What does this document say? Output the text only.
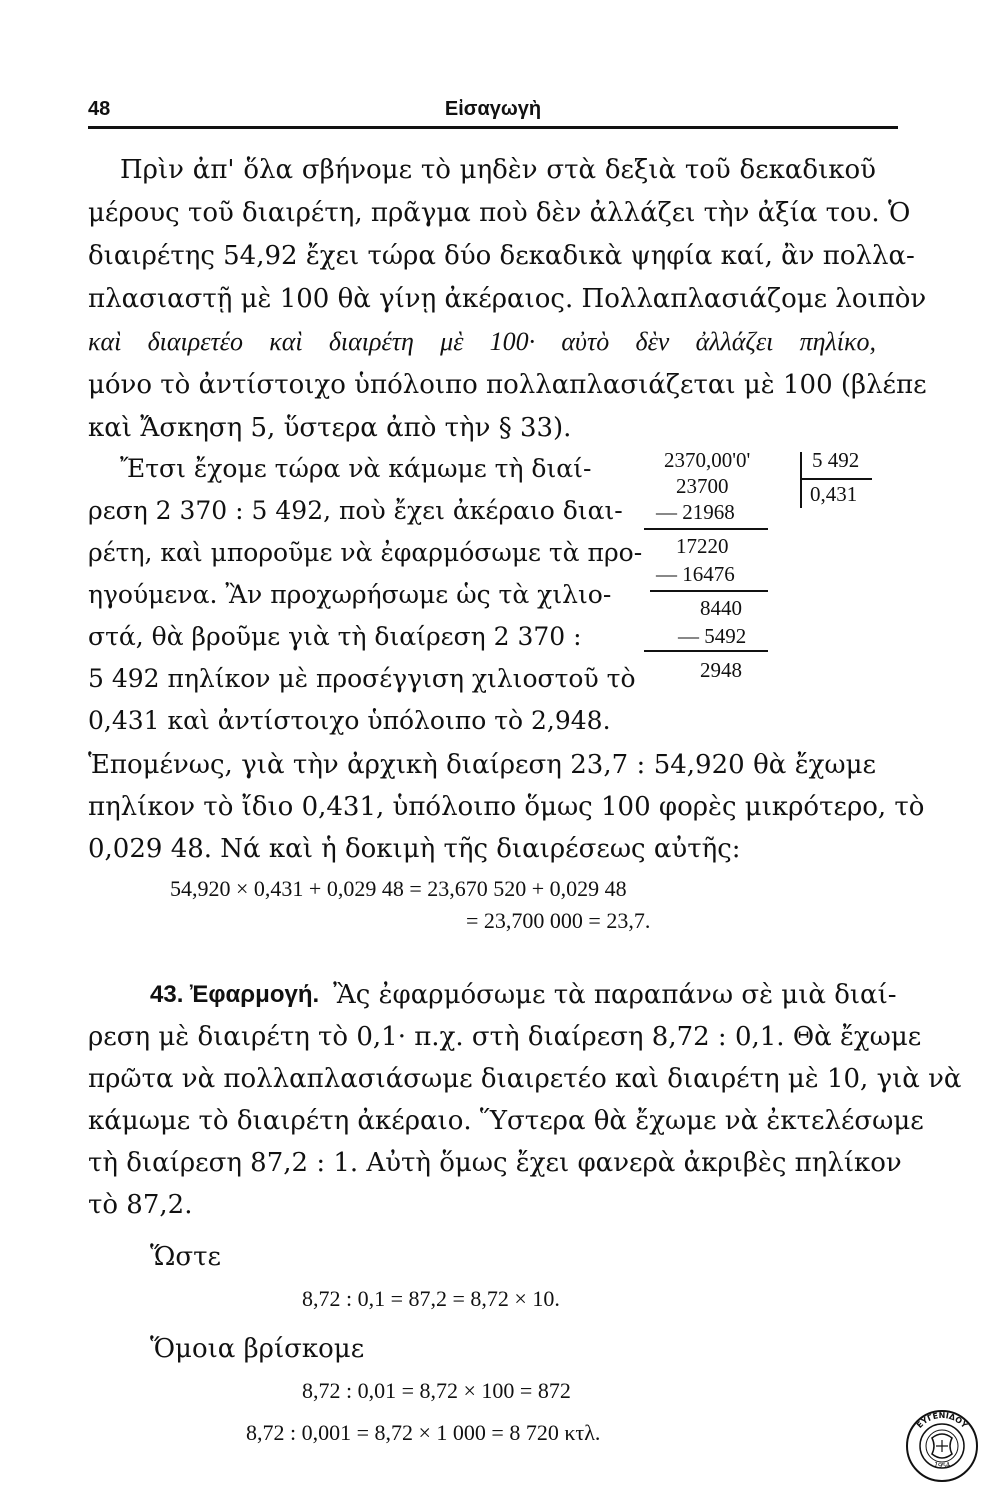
48	Εἰσαγωγὴ
Πρὶν ἀπ' ὅλα σβήνομε τὸ μηδὲν στὰ δεξιὰ τοῦ δεκαδικοῦ
μέρους τοῦ διαιρέτη, πρᾶγμα ποὺ δὲν ἀλλάζει τὴν ἀξία του. Ὁ
διαιρέτης 54,92 ἔχει τώρα δύο δεκαδικὰ ψηφία καί, ἂν πολλα-
πλασιαστῇ μὲ 100 θὰ γίνῃ ἀκέραιος. Πολλαπλασιάζομε λοιπὸν
καὶ διαιρετέο καὶ διαιρέτη μὲ 100· αὐτὸ δὲν ἀλλάζει πηλίκο,
μόνο τὸ ἀντίστοιχο ὑπόλοιπο πολλαπλασιάζεται μὲ 100 (βλέπε
καὶ Ἄσκηση 5, ὕστερα ἀπὸ τὴν § 33).
Ἔτσι ἔχομε τώρα νὰ κάμωμε τὴ διαί-
ρεση 2 370 : 5 492, ποὺ ἔχει ἀκέραιο διαι-
ρέτη, καὶ μποροῦμε νὰ ἐφαρμόσωμε τὰ προ-
ηγούμενα. Ἂν προχωρήσωμε ὡς τὰ χιλιο-
στά, θὰ βροῦμε γιὰ τὴ διαίρεση 2 370 :
5 492 πηλίκον μὲ προσέγγιση χιλιοστοῦ τὸ
0,431 καὶ ἀντίστοιχο ὑπόλοιπο τὸ 2,948.
2370,00'0'	5 492
0,431
23700
— 21968
17220
— 16476
8440
— 5492
2948
Ἑπομένως, γιὰ τὴν ἀρχικὴ διαίρεση 23,7 : 54,920 θὰ ἔχωμε
πηλίκον τὸ ἴδιο 0,431, ὑπόλοιπο ὅμως 100 φορὲς μικρότερο, τὸ
0,029 48. Νά καὶ ἡ δοκιμὴ τῆς διαιρέσεως αὐτῆς:
54,920 × 0,431 + 0,029 48 = 23,670 520 + 0,029 48
= 23,700 000 = 23,7.
43. Ἐφαρμογή. Ἂς ἐφαρμόσωμε τὰ παραπάνω σὲ μιὰ διαί-
ρεση μὲ διαιρέτη τὸ 0,1· π.χ. στὴ διαίρεση 8,72 : 0,1. Θὰ ἔχωμε
πρῶτα νὰ πολλαπλασιάσωμε διαιρετέο καὶ διαιρέτη μὲ 10, γιὰ νὰ
κάμωμε τὸ διαιρέτη ἀκέραιο. Ὕστερα θὰ ἔχωμε νὰ ἐκτελέσωμε
τὴ διαίρεση 87,2 : 1. Αὐτὴ ὅμως ἔχει φανερὰ ἀκριβὲς πηλίκον
τὸ 87,2.
Ὥστε
8,72 : 0,1 = 87,2 = 8,72 × 10.
Ὅμοια βρίσκομε
8,72 : 0,01 = 8,72 × 100 = 872
8,72 : 0,001 = 8,72 × 1 000 = 8 720 κτλ.	ΕΥΓΕΝΙΔΟΥ
1954
